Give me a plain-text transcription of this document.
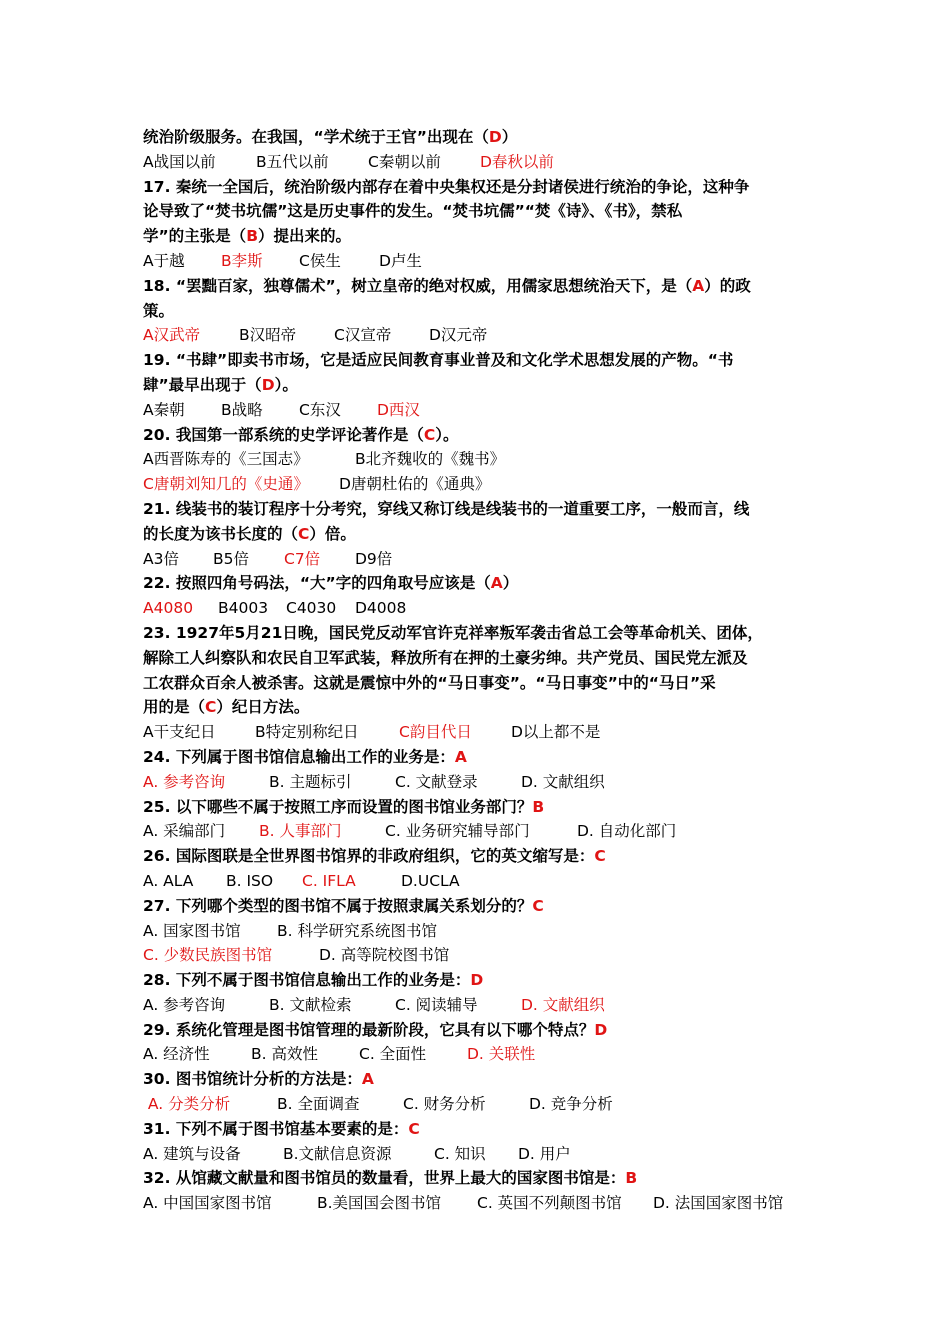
统治阶级服务。在我国，“学术统于王官”出现在（D）
A战国以前	B五代以前	C秦朝以前	D春秋以前
17. 秦统一全国后，统治阶级内部存在着中央集权还是分封诸侯进行统治的争论，这种争
论导致了“焚书坑儒”这是历史事件的发生。“焚书坑儒”“焚《诗》、《书》，禁私
学”的主张是（B）提出来的。
A于越 B李斯 C侯生 D卢生
18. “罢黜百家，独尊儒术”，树立皇帝的绝对权威，用儒家思想统治天下，是（A）的政
策。
A汉武帝	B汉昭帝 C汉宣帝 D汉元帝
19. “书肆”即卖书市场，它是适应民间教育事业普及和文化学术思想发展的产物。“书
肆”最早出现于（D）。
A秦朝 B战略 C东汉 D西汉
20. 我国第一部系统的史学评论著作是（C）。
A西晋陈寿的《三国志》	B北齐魏收的《魏书》
C唐朝刘知几的《史通》 D唐朝杜佑的《通典》
21. 线装书的装订程序十分考究，穿线又称订线是线装书的一道重要工序，一般而言，线
的长度为该书长度的（C）倍。
A3倍 B5倍 C7倍 D9倍
22. 按照四角号码法，“大”字的四角取号应该是（A）
A4080 B4003 C4030 D4008
23. 1927年5月21日晚，国民党反动军官许克祥率叛军袭击省总工会等革命机关、团体，
解除工人纠察队和农民自卫军武装，释放所有在押的土豪劣绅。共产党员、国民党左派及
工农群众百余人被杀害。这就是震惊中外的“马日事变”。“马日事变”中的“马日”采
用的是（C）纪日方法。
A干支纪日	B特定别称纪日	C韵目代日	D以上都不是
24. 下列属于图书馆信息输出工作的业务是：A
A. 参考咨询	B. 主题标引	C. 文献登录	D. 文献组织
25. 以下哪些不属于按照工序而设置的图书馆业务部门？B
A. 采编部门 B. 人事部门	C. 业务研究辅导部门	D. 自动化部门
26. 国际图联是全世界图书馆界的非政府组织，它的英文缩写是：C
A. ALA B. ISO C. IFLA	D.UCLA
27. 下列哪个类型的图书馆不属于按照隶属关系划分的？C
A. 国家图书馆 B. 科学研究系统图书馆
C. 少数民族图书馆	D. 高等院校图书馆
28. 下列不属于图书馆信息输出工作的业务是：D
A. 参考咨询	B. 文献检索	C. 阅读辅导	D. 文献组织
29. 系统化管理是图书馆管理的最新阶段，它具有以下哪个特点？D
A. 经济性	B. 高效性	C. 全面性	D. 关联性
30. 图书馆统计分析的方法是：A
A. 分类分析	B. 全面调查	C. 财务分析	D. 竞争分析
31. 下列不属于图书馆基本要素的是：C
A. 建筑与设备	B.文献信息资源	C. 知识 D. 用户
32. 从馆藏文献量和图书馆员的数量看，世界上最大的国家图书馆是：B
A. 中国国家图书馆	B.美国国会图书馆 C. 英国不列颠图书馆 D. 法国国家图书馆
